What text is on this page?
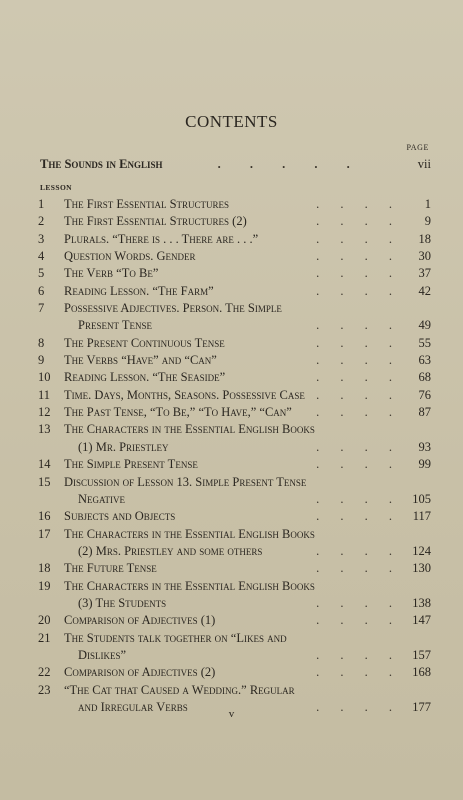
CONTENTS
PAGE
The Sounds in English	. . . . .	vii
LESSON
1	The First Essential Structures	. . . .	1
2	The First Essential Structures (2)	. . . .	9
3	Plurals. “There is . . . There are . . .”	. . . .	18
4	Question Words. Gender	. . . .	30
5	The Verb “To Be”	. . . .	37
6	Reading Lesson. “The Farm”	. . . .	42
7	Possessive Adjectives. Person. The Simple
Present Tense	. . . .	49
8	The Present Continuous Tense	. . . .	55
9	The Verbs “Have” and “Can”	. . . .	63
10	Reading Lesson. “The Seaside”	. . . .	68
11	Time. Days, Months, Seasons. Possessive Case . . . .	76
12	The Past Tense, “To Be,” “To Have,” “Can”	. . . .	87
13	The Characters in the Essential English Books
(1) Mr. Priestley	. . . .	93
14	The Simple Present Tense	. . . .	99
15	Discussion of Lesson 13. Simple Present Tense
Negative	. . . . 105
16	Subjects and Objects	. . . . 117
17	The Characters in the Essential English Books
(2) Mrs. Priestley and some others	. . . . 124
18	The Future Tense	. . . . 130
19	The Characters in the Essential English Books
(3) The Students	. . . . 138
20	Comparison of Adjectives (1)	. . . . 147
21	The Students talk together on “Likes and
Dislikes”	. . . . 157
22	Comparison of Adjectives (2)	. . . . 168
23	“The Cat that Caused a Wedding.” Regular
and Irregular Verbs	. . . . 177
v
